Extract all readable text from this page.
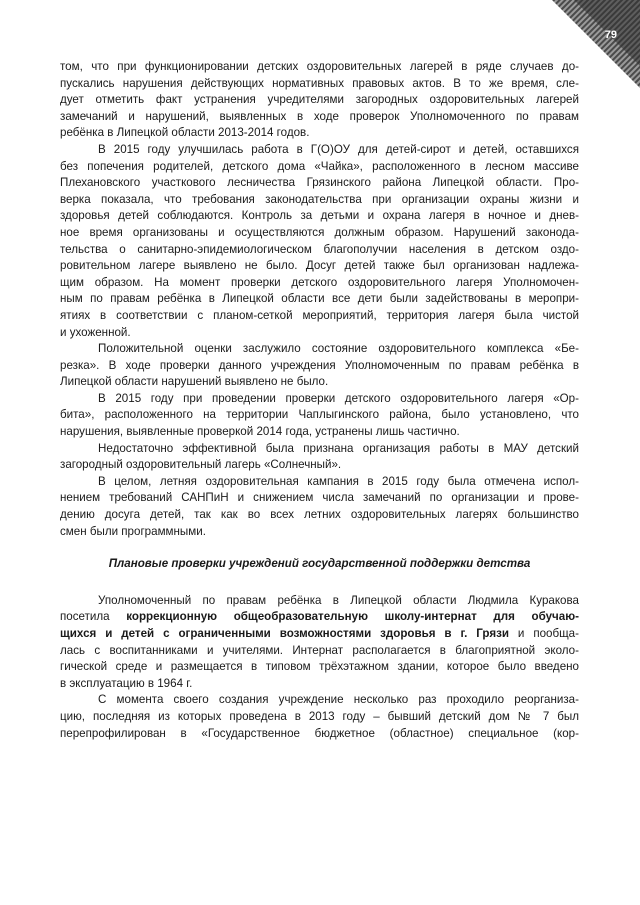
79
том, что при функционировании детских оздоровительных лагерей в ряде случаев до-
пускались нарушения действующих нормативных правовых актов. В то же время, сле-
дует отметить факт устранения учредителями загородных оздоровительных лагерей
замечаний и нарушений, выявленных в ходе проверок Уполномоченного по правам
ребёнка в Липецкой области 2013-2014 годов.
В 2015 году улучшилась работа в Г(О)ОУ для детей-сирот и детей, оставшихся
без попечения родителей, детского дома «Чайка», расположенного в лесном массиве
Плехановского участкового лесничества Грязинского района Липецкой области. Про-
верка показала, что требования законодательства при организации охраны жизни и
здоровья детей соблюдаются. Контроль за детьми и охрана лагеря в ночное и днев-
ное время организованы и осуществляются должным образом. Нарушений законода-
тельства о санитарно-эпидемиологическом благополучии населения в детском оздо-
ровительном лагере выявлено не было. Досуг детей также был организован надлежа-
щим образом. На момент проверки детского оздоровительного лагеря Уполномочен-
ным по правам ребёнка в Липецкой области все дети были задействованы в меропри-
ятиях в соответствии с планом-сеткой мероприятий, территория лагеря была чистой
и ухоженной.
Положительной оценки заслужило состояние оздоровительного комплекса «Бе-
резка». В ходе проверки данного учреждения Уполномоченным по правам ребёнка в
Липецкой области нарушений выявлено не было.
В 2015 году при проведении проверки детского оздоровительного лагеря «Ор-
бита», расположенного на территории Чаплыгинского района, было установлено, что
нарушения, выявленные проверкой 2014 года, устранены лишь частично.
Недостаточно эффективной была признана организация работы в МАУ детский
загородный оздоровительный лагерь «Солнечный».
В целом, летняя оздоровительная кампания в 2015 году была отмечена испол-
нением требований САНПиН и снижением числа замечаний по организации и прове-
дению досуга детей, так как во всех летних оздоровительных лагерях большинство
смен были программными.
Плановые проверки учреждений государственной поддержки детства
Уполномоченный по правам ребёнка в Липецкой области Людмила Куракова
посетила коррекционную общеобразовательную школу-интернат для обучаю-
щихся и детей с ограниченными возможностями здоровья в г. Грязи и пообща-
лась с воспитанниками и учителями. Интернат располагается в благоприятной эколо-
гической среде и размещается в типовом трёхэтажном здании, которое было введено
в эксплуатацию в 1964 г.
С момента своего создания учреждение несколько раз проходило реорганиза-
цию, последняя из которых проведена в 2013 году – бывший детский дом № 7 был
перепрофилирован в «Государственное бюджетное (областное) специальное (кор-
